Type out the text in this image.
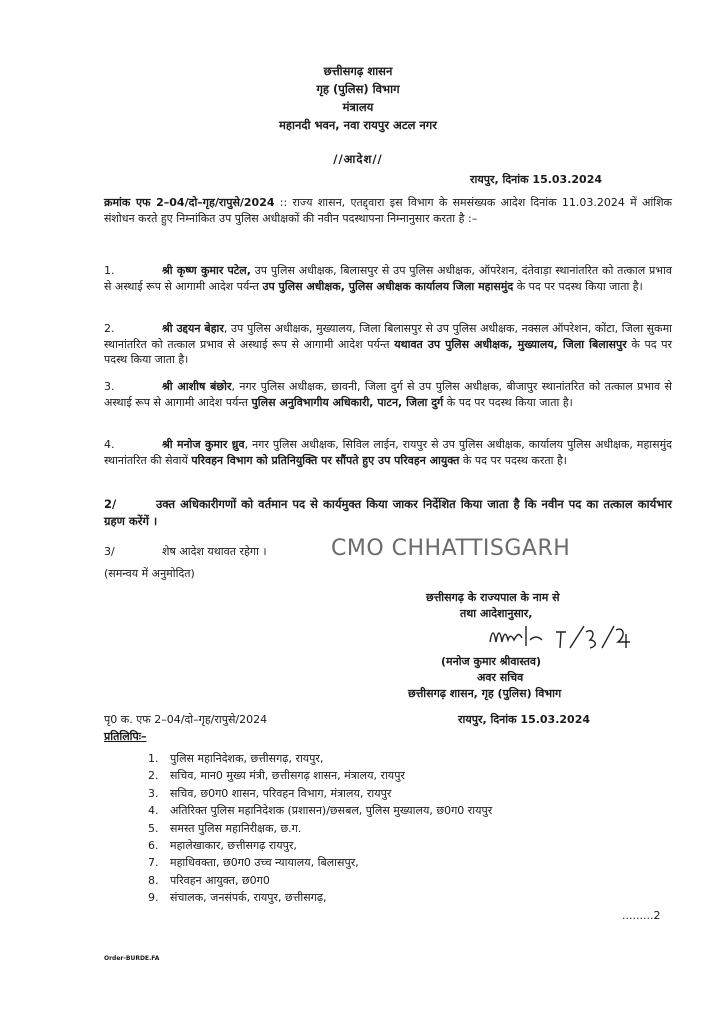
छत्तीसगढ़ शासन
गृह (पुलिस) विभाग
मंत्रालय
महानदी भवन, नवा रायपुर अटल नगर
//आदेश//
रायपुर, दिनांक 15.03.2024
क्रमांक एफ 2–04/दो–गृह/रापुसे/2024 :: राज्य शासन, एतद्द्वारा इस विभाग के समसंख्यक आदेश दिनांक 11.03.2024 में आंशिक संशोधन करते हुए निम्नांकित उप पुलिस अधीक्षकों की नवीन पदस्थापना निम्नानुसार करता है :–
1.	श्री कृष्ण कुमार पटेल, उप पुलिस अधीक्षक, बिलासपुर से उप पुलिस अधीक्षक, ऑपरेशन, दंतेवाड़ा स्थानांतरित को तत्काल प्रभाव से अस्थाई रूप से आगामी आदेश पर्यन्त उप पुलिस अधीक्षक, पुलिस अधीक्षक कार्यालय जिला महासमुंद के पद पर पदस्थ किया जाता है।
2.	श्री उद्दयन बेहार, उप पुलिस अधीक्षक, मुख्यालय, जिला बिलासपुर से उप पुलिस अधीक्षक, नक्सल ऑपरेशन, कोंटा, जिला सुकमा स्थानांतरित को तत्काल प्रभाव से अस्थाई रूप से आगामी आदेश पर्यन्त यथावत उप पुलिस अधीक्षक, मुख्यालय, जिला बिलासपुर के पद पर पदस्थ किया जाता है।
3.	श्री आशीष बंछोर, नगर पुलिस अधीक्षक, छावनी, जिला दुर्ग से उप पुलिस अधीक्षक, बीजापुर स्थानांतरित को तत्काल प्रभाव से अस्थाई रूप से आगामी आदेश पर्यन्त पुलिस अनुविभागीय अधिकारी, पाटन, जिला दुर्ग के पद पर पदस्थ किया जाता है।
4.	श्री मनोज कुमार ध्रुव, नगर पुलिस अधीक्षक, सिविल लाईन, रायपुर से उप पुलिस अधीक्षक, कार्यालय पुलिस अधीक्षक, महासमुंद स्थानांतरित की सेवायें परिवहन विभाग को प्रतिनियुक्ति पर सौंपते हुए उप परिवहन आयुक्त के पद पर पदस्थ करता है।
2/	उक्त अधिकारीगणों को वर्तमान पद से कार्यमुक्त किया जाकर निर्देशित किया जाता है कि नवीन पद का तत्काल कार्यभार ग्रहण करेंगें ।
3/	शेष आदेश यथावत रहेगा ।	CMO CHHATTISGARH
(समन्वय में अनुमोदित)
छत्तीसगढ़ के राज्यपाल के नाम से
तथा आदेशानुसार,
(मनोज कुमार श्रीवास्तव)
अवर सचिव
छत्तीसगढ़ शासन, गृह (पुलिस) विभाग
पृ0 क. एफ 2–04/दो–गृह/रापुसे/2024	रायपुर, दिनांक 15.03.2024
प्रतिलिपिः–
1. पुलिस महानिदेशक, छत्तीसगढ़, रायपुर,
2. सचिव, मान0 मुख्य मंत्री, छत्तीसगढ़ शासन, मंत्रालय, रायपुर
3. सचिव, छ0ग0 शासन, परिवहन विभाग, मंत्रालय, रायपुर
4. अतिरिक्त पुलिस महानिदेशक (प्रशासन)/छसबल, पुलिस मुख्यालय, छ0ग0 रायपुर
5. समस्त पुलिस महानिरीक्षक, छ.ग.
6. महालेखाकार, छत्तीसगढ़ रायपुर,
7. महाधिवक्ता, छ0ग0 उच्च न्यायालय, बिलासपुर,
8. परिवहन आयुक्त, छ0ग0
9. संचालक, जनसंपर्क, रायपुर, छत्तीसगढ़,
.........2
Order-BURDE.FA
